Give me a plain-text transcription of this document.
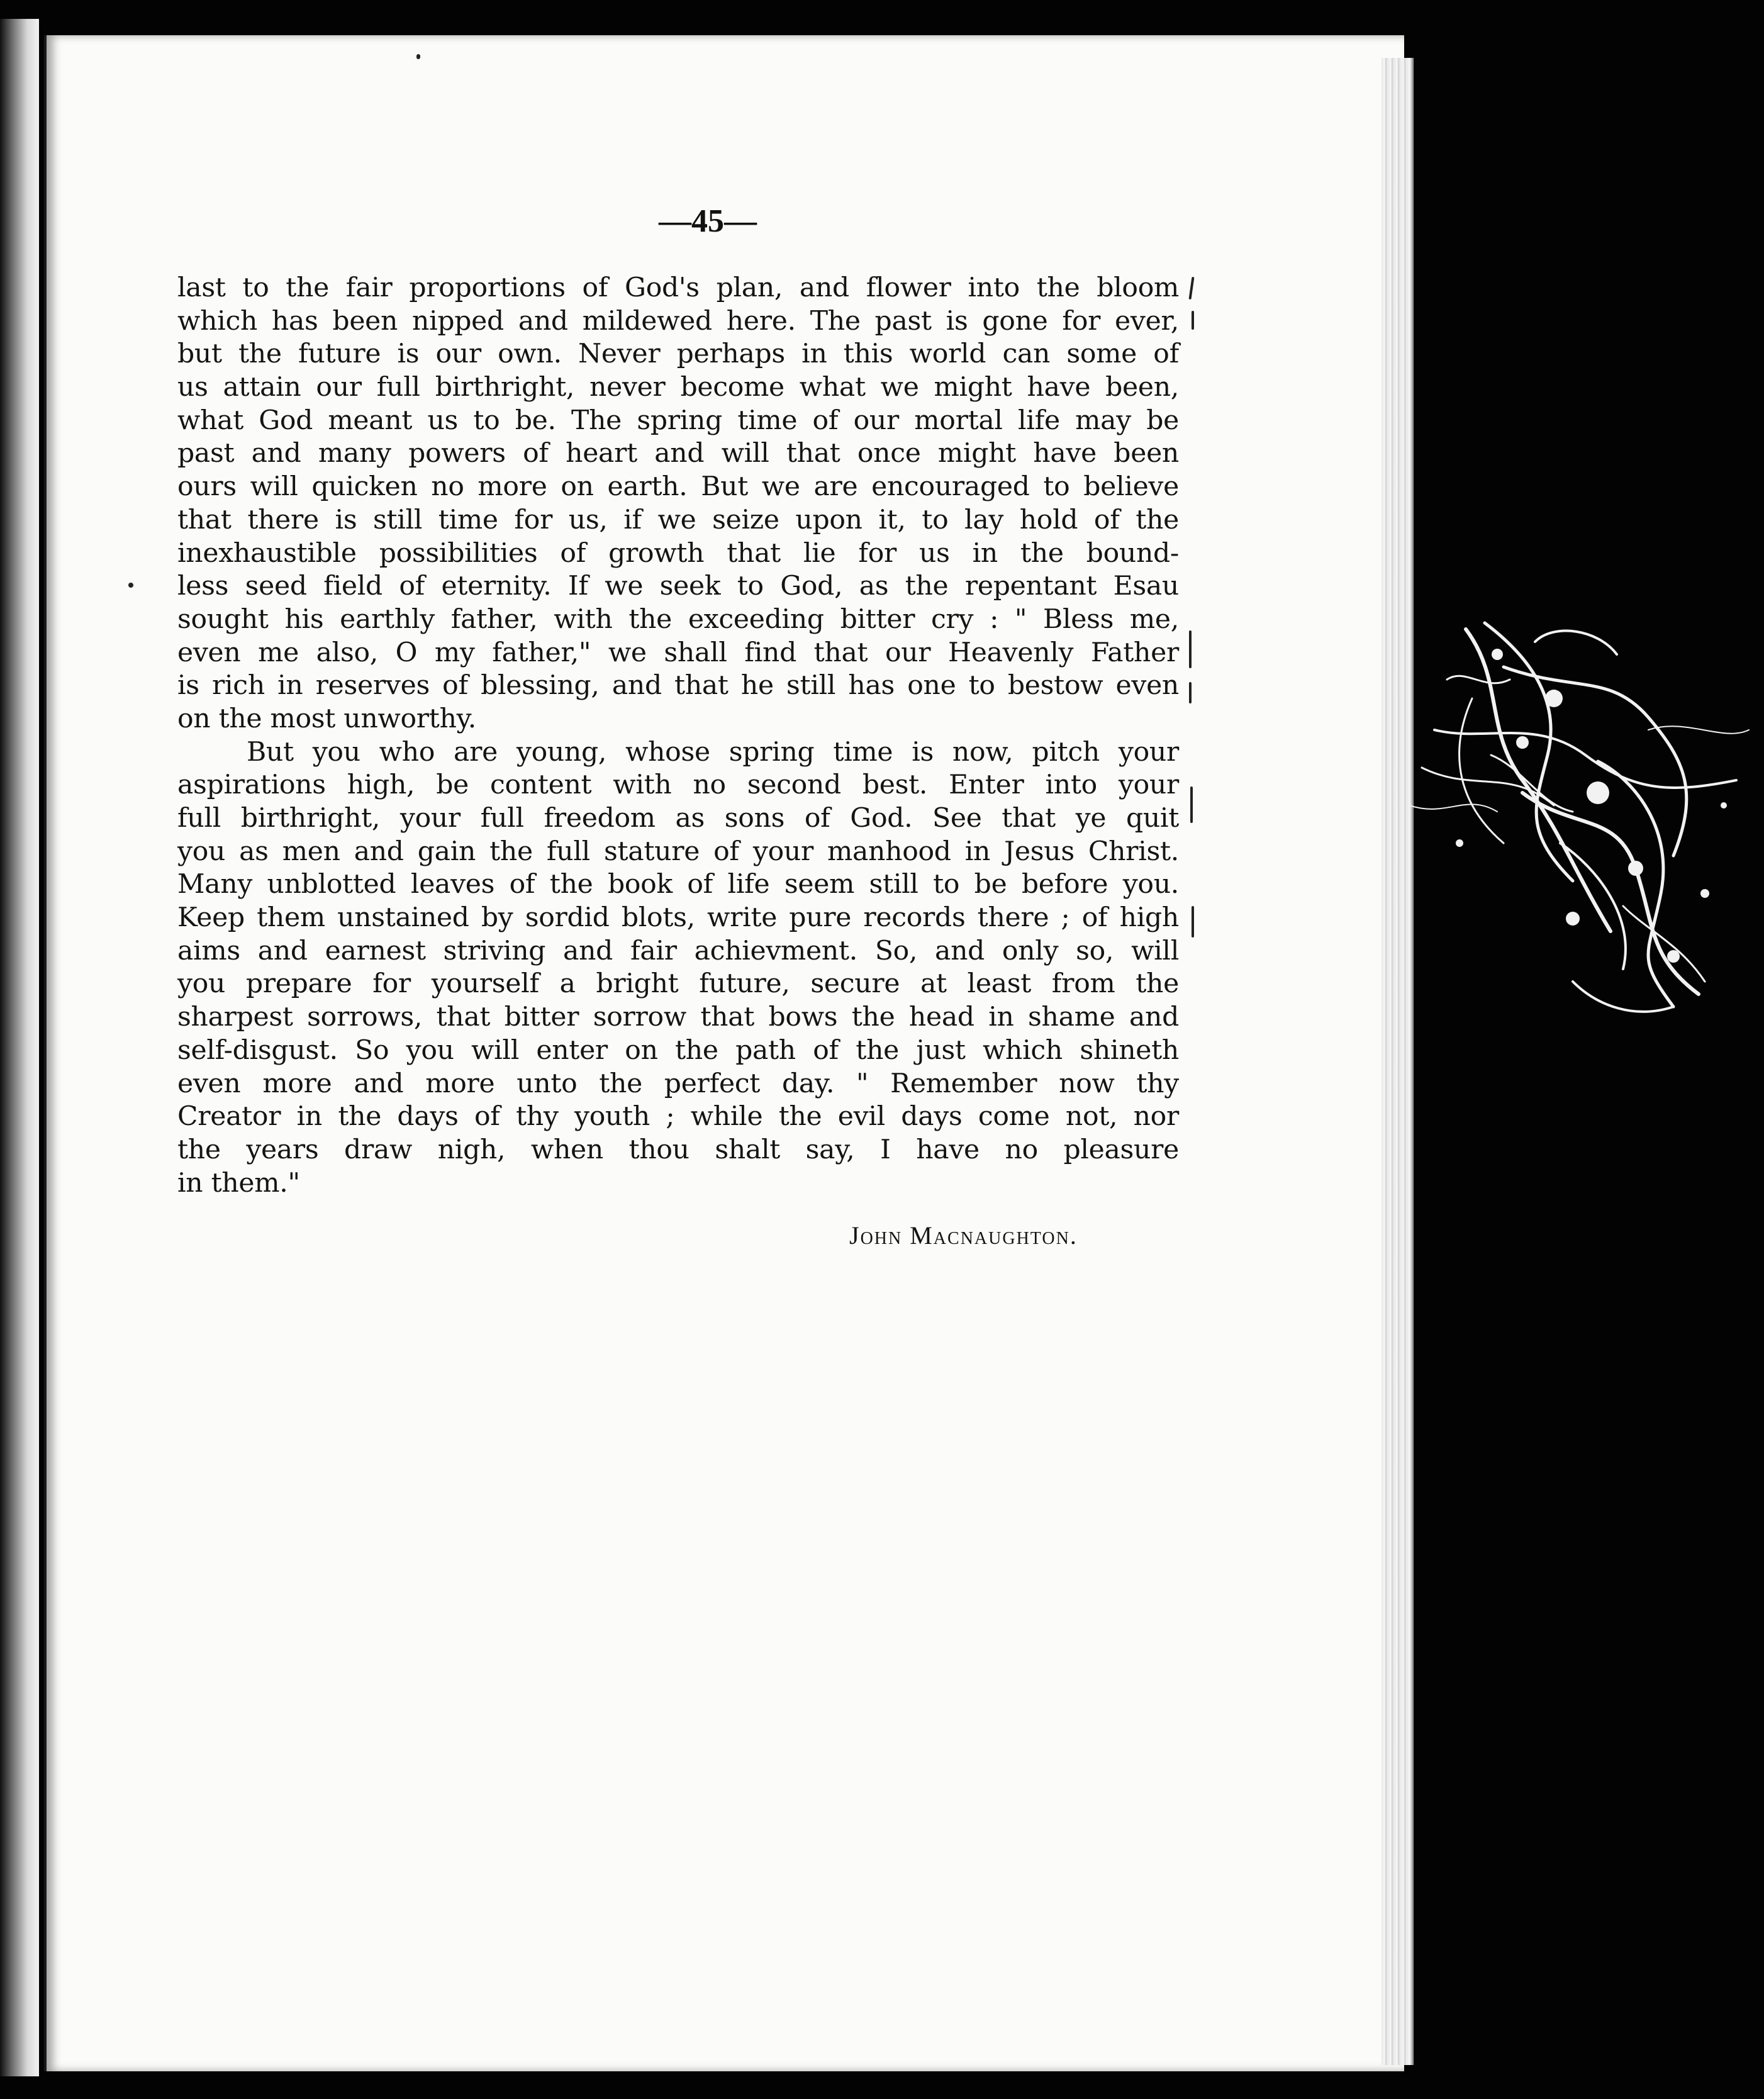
—45—
last to the fair proportions of God's plan, and flower into the bloom
which has been nipped and mildewed here. The past is gone for ever,
but the future is our own. Never perhaps in this world can some of
us attain our full birthright, never become what we might have been,
what God meant us to be. The spring time of our mortal life may be
past and many powers of heart and will that once might have been
ours will quicken no more on earth. But we are encouraged to believe
that there is still time for us, if we seize upon it, to lay hold of the
inexhaustible possibilities of growth that lie for us in the bound-
less seed field of eternity. If we seek to God, as the repentant Esau
sought his earthly father, with the exceeding bitter cry : " Bless me,
even me also, O my father," we shall find that our Heavenly Father
is rich in reserves of blessing, and that he still has one to bestow even
on the most unworthy.
But you who are young, whose spring time is now, pitch your
aspirations high, be content with no second best. Enter into your
full birthright, your full freedom as sons of God. See that ye quit
you as men and gain the full stature of your manhood in Jesus Christ.
Many unblotted leaves of the book of life seem still to be before you.
Keep them unstained by sordid blots, write pure records there ; of high
aims and earnest striving and fair achievment. So, and only so, will
you prepare for yourself a bright future, secure at least from the
sharpest sorrows, that bitter sorrow that bows the head in shame and
self-disgust. So you will enter on the path of the just which shineth
even more and more unto the perfect day. " Remember now thy
Creator in the days of thy youth ; while the evil days come not, nor
the years draw nigh, when thou shalt say, I have no pleasure
in them."
John Macnaughton.
